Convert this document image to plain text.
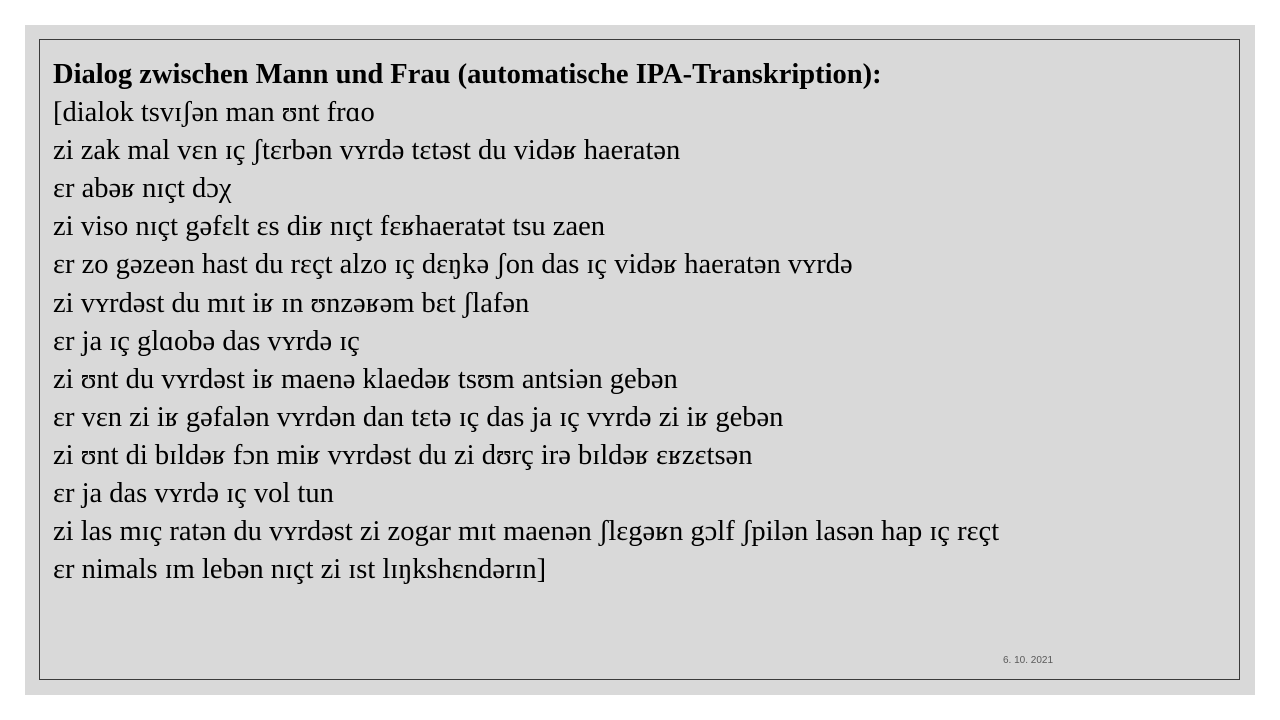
Dialog zwischen Mann und Frau (automatische IPA-Transkription):

[dialok tsvɪʃən man ʊnt frɑo

zi zak mal vɛn ɪç ʃtɛrbən vʏrdə tɛtəst du vidəʁ haeratən

ɛr abəʁ nɪçt dɔχ

zi viso nɪçt gəfɛlt ɛs diʁ nɪçt fɛʁhaeratət tsu zaen

ɛr zo gəzeən hast du rɛçt alzo ɪç dɛŋkə ʃon das ɪç vidəʁ haeratən vʏrdə

zi vʏrdəst du mɪt iʁ ɪn ʊnzəʁəm bɛt ʃlafən

ɛr ja ɪç glɑobə das vʏrdə ɪç

zi ʊnt du vʏrdəst iʁ maenə klaedəʁ tsʊm antsiən gebən

ɛr vɛn zi iʁ gəfalən vʏrdən dan tɛtə ɪç das ja ɪç vʏrdə zi iʁ gebən

zi ʊnt di bɪldəʁ fɔn miʁ vʏrdəst du zi dʊrç irə bɪldəʁ ɛʁzɛtsən

ɛr ja das vʏrdə ɪç vol tun

zi las mɪç ratən du vʏrdəst zi zogar mɪt maenən ʃlɛgəʁn gɔlf ʃpilən lasən hap ɪç rɛçt

ɛr nimals ɪm lebən nɪçt zi ɪst lɪŋkshɛndərɪn]

6. 10. 2021
